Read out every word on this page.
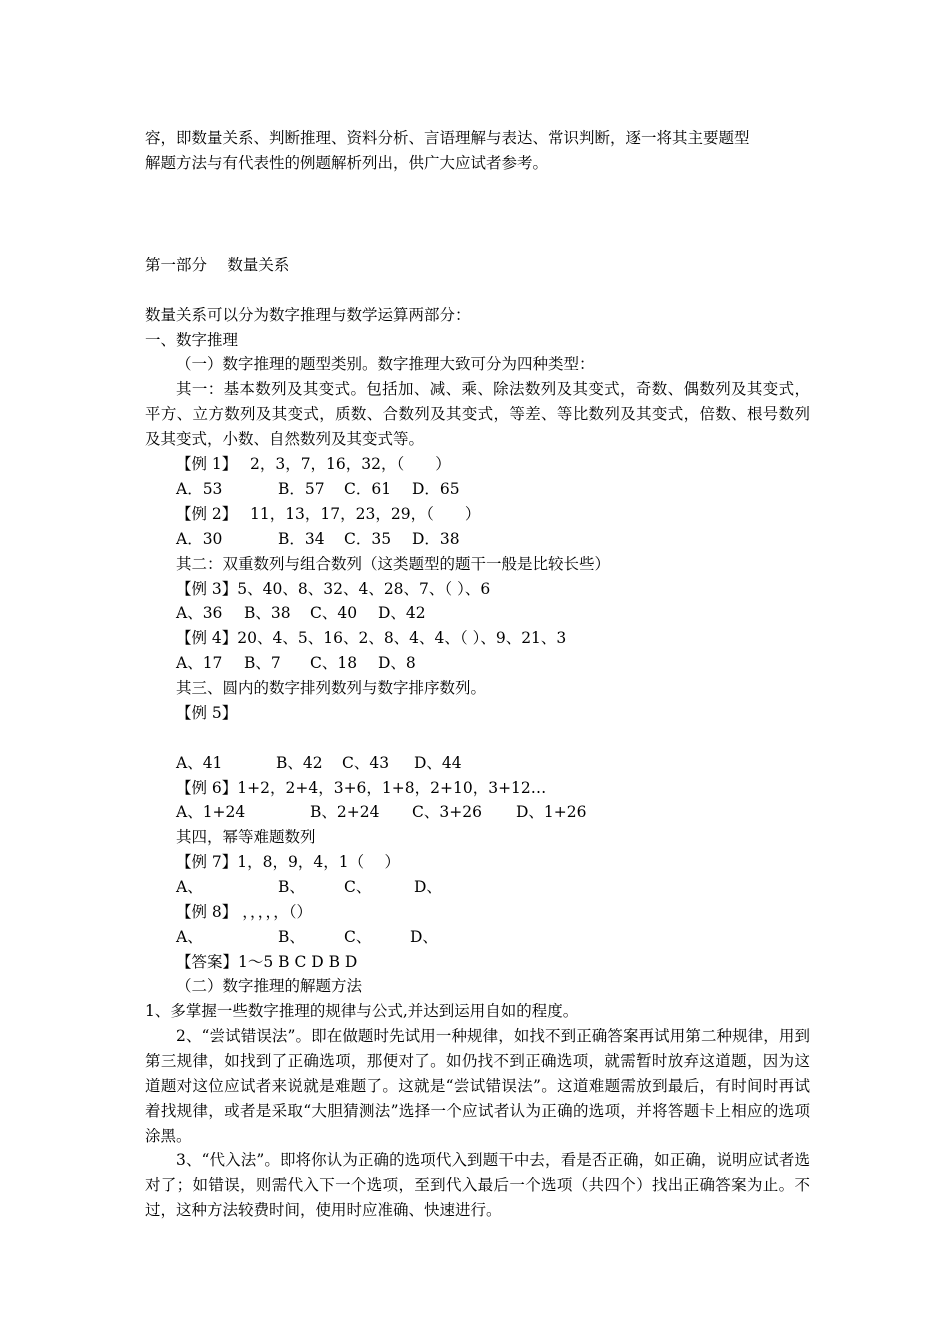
容，即数量关系、判断推理、资料分析、言语理解与表达、常识判断，逐一将其主要题型
解题方法与有代表性的例题解析列出，供广大应试者参考。
第一部分　 数量关系
数量关系可以分为数字推理与数学运算两部分：
一、数字推理
（一）数字推理的题型类别。数字推理大致可分为四种类型：
其一：基本数列及其变式。包括加、减、乘、除法数列及其变式，奇数、偶数列及其变式，平方、立方数列及其变式，质数、合数列及其变式，等差、等比数列及其变式，倍数、根号数列及其变式，小数、自然数列及其变式等。
【例 1】　 2，3，7，16，32，（　　）
A．53	B．57 C．61 D．65
【例 2】　 11，13，17，23，29，（　　）
A．30	B．34 C．35 D．38
其二：双重数列与组合数列（这类题型的题干一般是比较长些）
【例 3】5、40、8、32、4、28、7、（ ）、6
A、36 B、38 C、40 D、42
【例 4】20、4、5、16、2、8、4、4、（ ）、9、21、3
A、17 B、7 C、18 D、8
其三、圆内的数字排列数列与数字排序数列。
【例 5】
A、41	B、42 C、43 D、44
【例 6】1+2，2+4，3+6，1+8，2+10，3+12…
A、1+24	B、2+24 C、3+26 D、1+26
其四，幂等难题数列
【例 7】1，8，9，4，1（　 ）
A、	B、	C、	D、
【例 8】 ，，，，，（）
A、	B、	C、 D、
【答案】1～5 B C D B D
（二）数字推理的解题方法
1、多掌握一些数字推理的规律与公式,并达到运用自如的程度。
2、“尝试错误法”。即在做题时先试用一种规律，如找不到正确答案再试用第二种规律，用到第三规律，如找到了正确选项，那便对了。如仍找不到正确选项，就需暂时放弃这道题，因为这道题对这位应试者来说就是难题了。这就是“尝试错误法”。这道难题需放到最后，有时间时再试着找规律，或者是采取“大胆猜测法”选择一个应试者认为正确的选项，并将答题卡上相应的选项涂黑。
3、“代入法”。即将你认为正确的选项代入到题干中去，看是否正确，如正确，说明应试者选对了；如错误，则需代入下一个选项，至到代入最后一个选项（共四个）找出正确答案为止。不过，这种方法较费时间，使用时应准确、快速进行。
